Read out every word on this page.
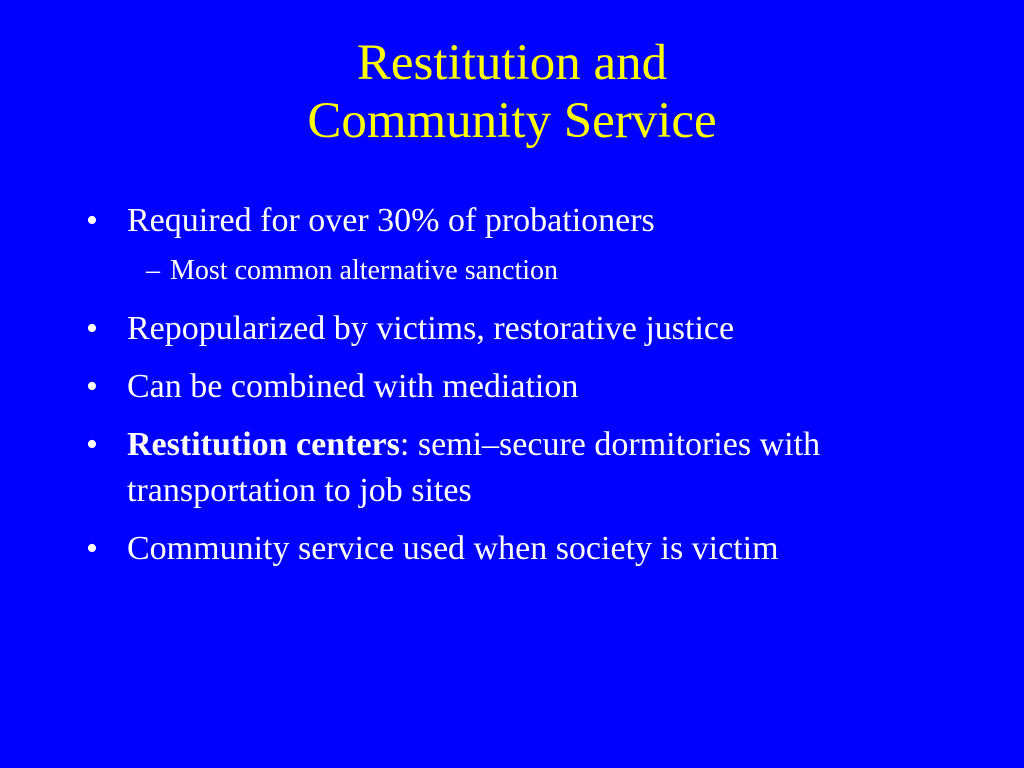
Restitution and
Community Service
• Required for over 30% of probationers
– Most common alternative sanction
• Repopularized by victims, restorative justice
• Can be combined with mediation
• Restitution centers: semi–secure dormitories with transportation to job sites
• Community service used when society is victim
